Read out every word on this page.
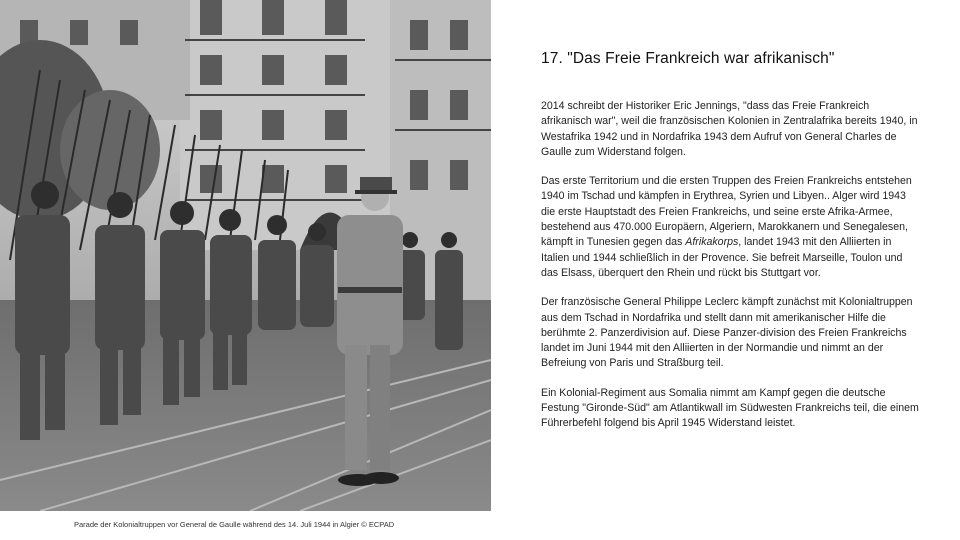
Parade der Kolonialtruppen vor General de Gaulle während des 14. Juli 1944 in Algier © ECPAD
17. "Das Freie Frankreich war afrikanisch"

2014 schreibt der Historiker Eric Jennings, "dass das Freie Frankreich afrikanisch war", weil die französischen Kolonien in Zentralafrika bereits 1940, in Westafrika 1942 und in Nordafrika 1943 dem Aufruf von General Charles de Gaulle zum Widerstand folgen.

Das erste Territorium und die ersten Truppen des Freien Frankreichs entstehen 1940 im Tschad und kämpfen in Erythrea, Syrien und Libyen.. Alger wird 1943 die erste Hauptstadt des Freien Frankreichs, und seine erste Afrika-Armee, bestehend aus 470.000 Europäern, Algeriern, Marokkanern und Senegalesen, kämpft in Tunesien gegen das Afrikakorps, landet 1943 mit den Alliierten in Italien und 1944 schließlich in der Provence. Sie befreit Marseille, Toulon und das Elsass, überquert den Rhein und rückt bis Stuttgart vor.

Der französische General Philippe Leclerc kämpft zunächst mit Kolonialtruppen aus dem Tschad in Nordafrika und stellt dann mit amerikanischer Hilfe die berühmte 2. Panzerdivision auf. Diese Panzer-division des Freien Frankreichs landet im Juni 1944 mit den Alliierten in der Normandie und nimmt an der Befreiung von Paris und Straßburg teil.

Ein Kolonial-Regiment aus Somalia nimmt am Kampf gegen die deutsche Festung "Gironde-Süd" am Atlantikwall im Südwesten Frankreichs teil, die einem Führerbefehl folgend bis April 1945 Widerstand leistet.
